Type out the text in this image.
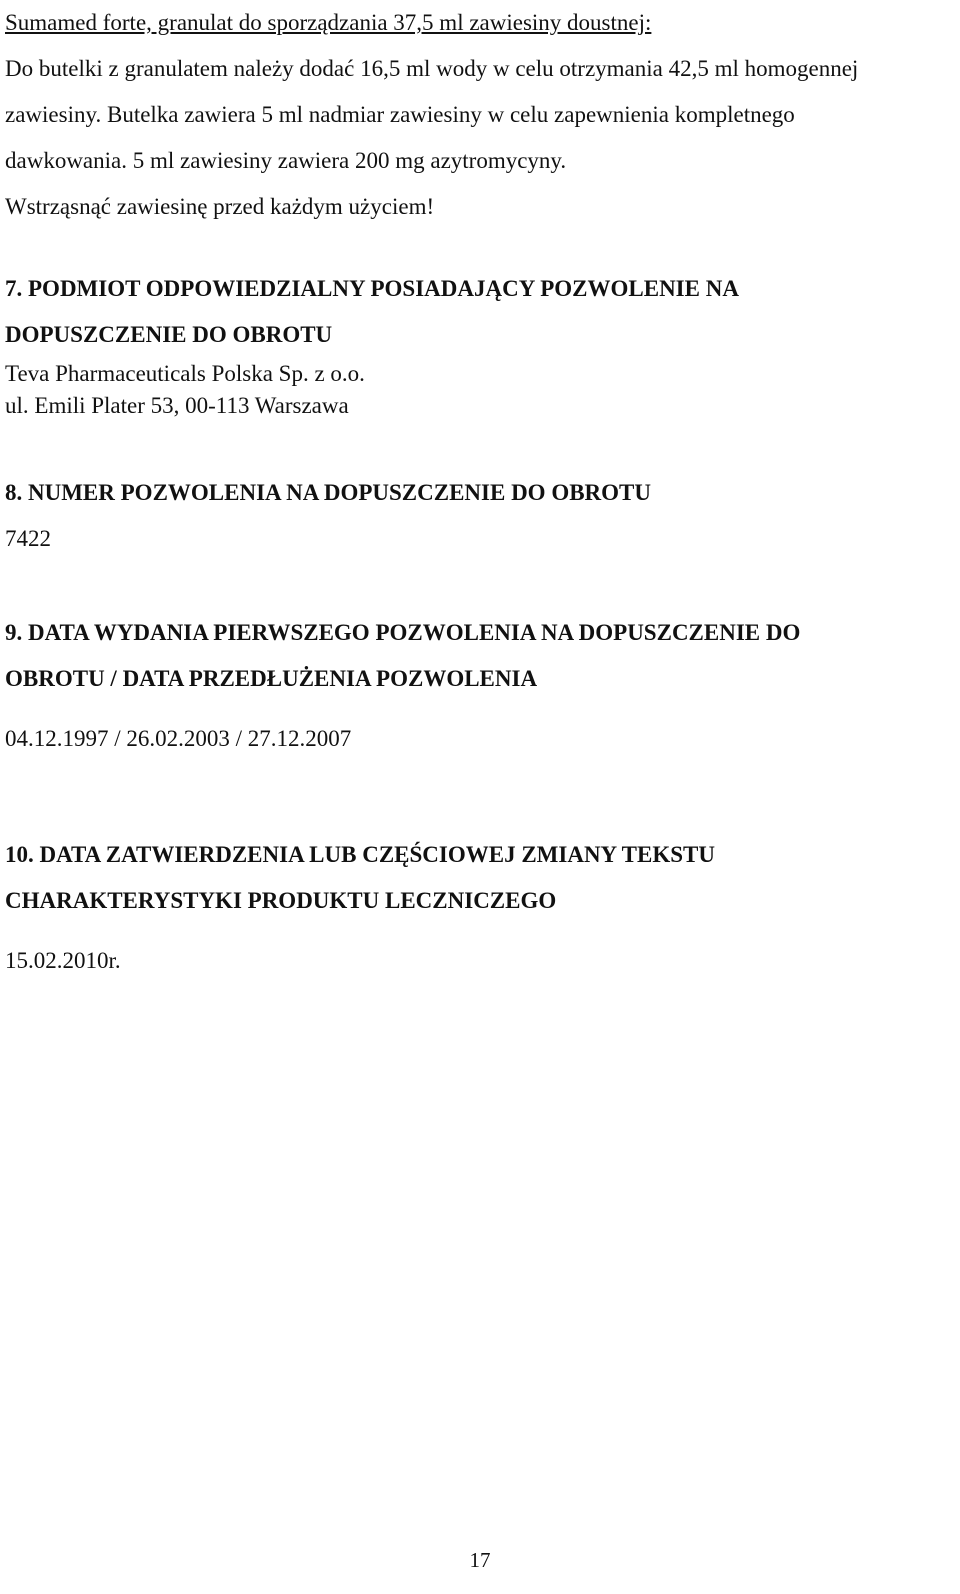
Sumamed forte, granulat do sporządzania 37,5 ml zawiesiny doustnej:
Do butelki z granulatem należy dodać 16,5 ml wody w celu otrzymania 42,5 ml homogennej
zawiesiny. Butelka zawiera 5 ml nadmiar zawiesiny w celu zapewnienia kompletnego
dawkowania. 5 ml zawiesiny zawiera 200 mg azytromycyny.
Wstrząsnąć zawiesinę przed każdym użyciem!
7. PODMIOT ODPOWIEDZIALNY POSIADAJĄCY POZWOLENIE NA
DOPUSZCZENIE DO OBROTU
Teva Pharmaceuticals Polska Sp. z o.o.
ul. Emili Plater 53, 00-113 Warszawa
8. NUMER POZWOLENIA NA DOPUSZCZENIE DO OBROTU
7422
9. DATA WYDANIA PIERWSZEGO POZWOLENIA NA DOPUSZCZENIE DO
OBROTU / DATA PRZEDŁUŻENIA POZWOLENIA
04.12.1997 / 26.02.2003 / 27.12.2007
10. DATA ZATWIERDZENIA LUB CZĘŚCIOWEJ ZMIANY TEKSTU
CHARAKTERYSTYKI PRODUKTU LECZNICZEGO
15.02.2010r.
17
